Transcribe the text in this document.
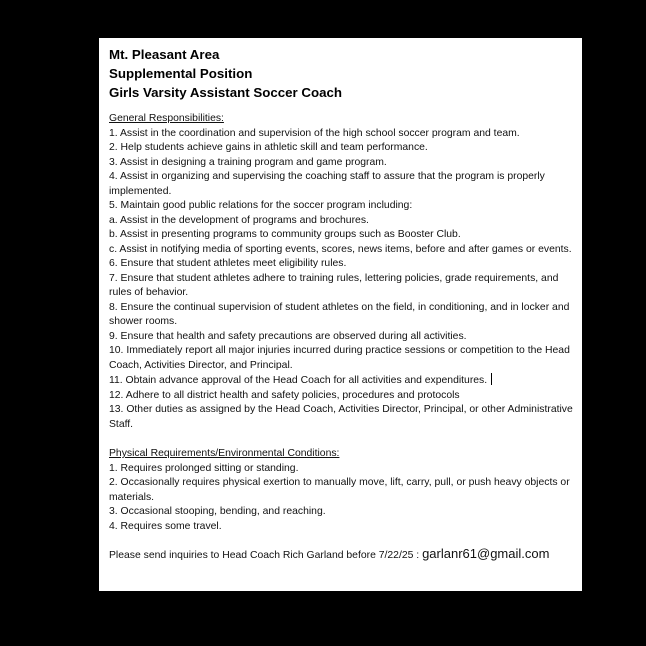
Mt. Pleasant Area
Supplemental Position
Girls Varsity Assistant Soccer Coach
General Responsibilities:
1. Assist in the coordination and supervision of the high school soccer program and team.
2. Help students achieve gains in athletic skill and team performance.
3. Assist in designing a training program and game program.
4. Assist in organizing and supervising the coaching staff to assure that the program is properly implemented.
5. Maintain good public relations for the soccer program including:
a. Assist in the development of programs and brochures.
b. Assist in presenting programs to community groups such as Booster Club.
c. Assist in notifying media of sporting events, scores, news items, before and after games or events.
6. Ensure that student athletes meet eligibility rules.
7. Ensure that student athletes adhere to training rules, lettering policies, grade requirements, and rules of behavior.
8. Ensure the continual supervision of student athletes on the field, in conditioning, and in locker and shower rooms.
9. Ensure that health and safety precautions are observed during all activities.
10. Immediately report all major injuries incurred during practice sessions or competition to the Head Coach, Activities Director, and Principal.
11. Obtain advance approval of the Head Coach for all activities and expenditures.
12. Adhere to all district health and safety policies, procedures and protocols
13. Other duties as assigned by the Head Coach, Activities Director, Principal, or other Administrative Staff.
Physical Requirements/Environmental Conditions:
1. Requires prolonged sitting or standing.
2. Occasionally requires physical exertion to manually move, lift, carry, pull, or push heavy objects or materials.
3. Occasional stooping, bending, and reaching.
4. Requires some travel.
Please send inquiries to Head Coach Rich Garland before 7/22/25 : garlanr61@gmail.com
